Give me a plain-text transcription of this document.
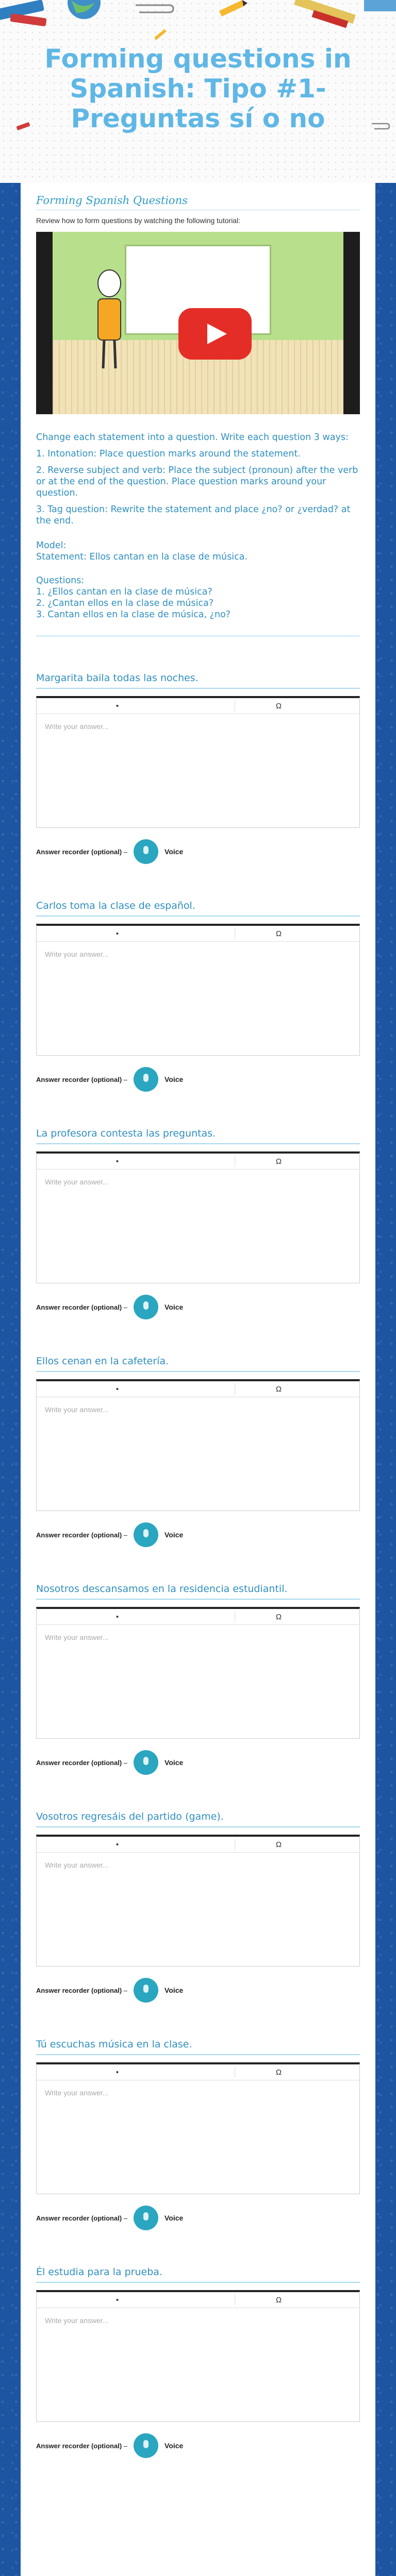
Forming questions in Spanish: Tipo #1- Preguntas sí o no
Forming Spanish Questions
Review how to form questions by watching the following tutorial:

Change each statement into a question. Write each question 3 ways:

1. Intonation: Place question marks around the statement.

2. Reverse subject and verb: Place the subject (pronoun) after the verb or at the end of the question. Place question marks around your question.

3. Tag question: Rewrite the statement and place ¿no? or ¿verdad? at the end.

Model:

Statement: Ellos cantan en la clase de música.

Questions:

1. ¿Ellos cantan en la clase de música?

2. ¿Cantan ellos en la clase de música?

3. Cantan ellos en la clase de música, ¿no?

Margarita baila todas las noches.
•	Ω
Write your answer...
Answer recorder
(optional)
–	Voice
Carlos toma la clase de español.
•	Ω
Write your answer...
Answer recorder
(optional)
–	Voice
La profesora contesta las preguntas.
•	Ω
Write your answer...
Answer recorder
(optional)
–	Voice
Ellos cenan en la cafetería.
•	Ω
Write your answer...
Answer recorder
(optional)
–	Voice
Nosotros descansamos en la residencia estudiantil.
•	Ω
Write your answer...
Answer recorder
(optional)
–	Voice
Vosotros regresáis del partido (game).
•	Ω
Write your answer...
Answer recorder
(optional)
–	Voice
Tú escuchas música en la clase.
•	Ω
Write your answer...
Answer recorder
(optional)
–	Voice
Él estudia para la prueba.
•	Ω
Write your answer...
Answer recorder
(optional)
–	Voice
